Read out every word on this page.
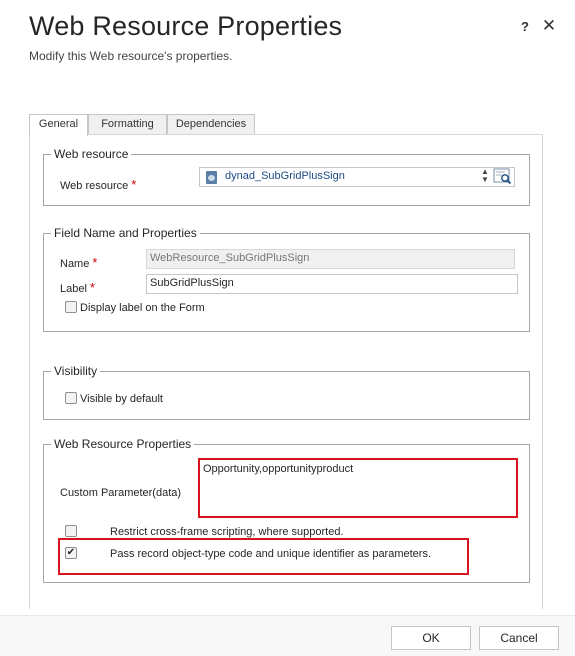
Web Resource Properties
Modify this Web resource's properties.
? ✕
General	Formatting	Dependencies
Web resource
Web resource *
dynad_SubGridPlusSign	▲
▼
Field Name and Properties
Name *	WebResource_SubGridPlusSign
Label *	SubGridPlusSign
Display label on the Form
Visibility
Visible by default
Web Resource Properties
Custom Parameter(data)
Opportunity,opportunityproduct
Restrict cross-frame scripting, where supported.
✔	Pass record object-type code and unique identifier as parameters.
OK	Cancel
